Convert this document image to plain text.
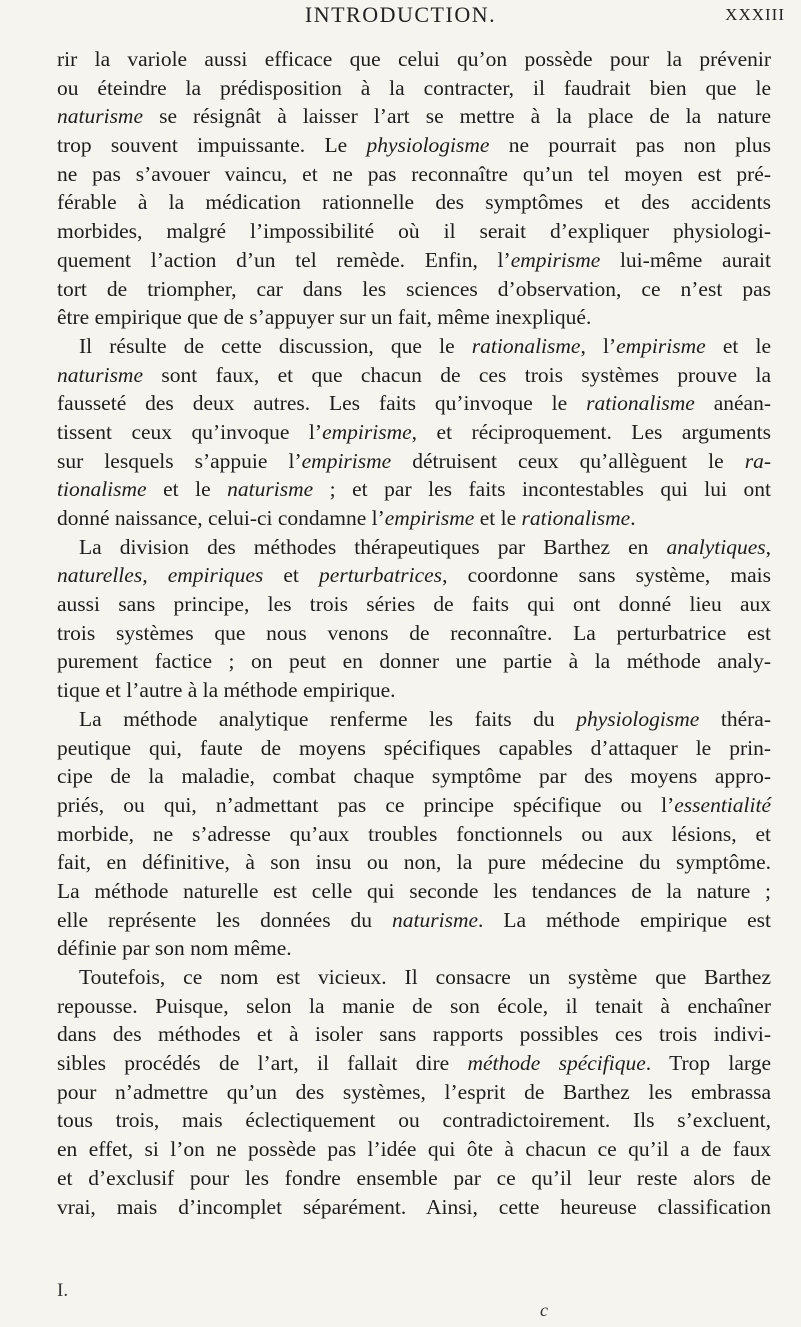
INTRODUCTION.	XXXIII
rir la variole aussi efficace que celui qu’on possède pour la prévenir
ou éteindre la prédisposition à la contracter, il faudrait bien que le
naturisme se résignât à laisser l’art se mettre à la place de la nature
trop souvent impuissante. Le physiologisme ne pourrait pas non plus
ne pas s’avouer vaincu, et ne pas reconnaître qu’un tel moyen est pré-
férable à la médication rationnelle des symptômes et des accidents
morbides, malgré l’impossibilité où il serait d’expliquer physiologi-
quement l’action d’un tel remède. Enfin, l’empirisme lui-même aurait
tort de triompher, car dans les sciences d’observation, ce n’est pas
être empirique que de s’appuyer sur un fait, même inexpliqué.
Il résulte de cette discussion, que le rationalisme, l’empirisme et le
naturisme sont faux, et que chacun de ces trois systèmes prouve la
fausseté des deux autres. Les faits qu’invoque le rationalisme anéan-
tissent ceux qu’invoque l’empirisme, et réciproquement. Les arguments
sur lesquels s’appuie l’empirisme détruisent ceux qu’allèguent le ra-
tionalisme et le naturisme ; et par les faits incontestables qui lui ont
donné naissance, celui-ci condamne l’empirisme et le rationalisme.
La division des méthodes thérapeutiques par Barthez en analytiques,
naturelles, empiriques et perturbatrices, coordonne sans système, mais
aussi sans principe, les trois séries de faits qui ont donné lieu aux
trois systèmes que nous venons de reconnaître. La perturbatrice est
purement factice ; on peut en donner une partie à la méthode analy-
tique et l’autre à la méthode empirique.
La méthode analytique renferme les faits du physiologisme théra-
peutique qui, faute de moyens spécifiques capables d’attaquer le prin-
cipe de la maladie, combat chaque symptôme par des moyens appro-
priés, ou qui, n’admettant pas ce principe spécifique ou l’essentialité
morbide, ne s’adresse qu’aux troubles fonctionnels ou aux lésions, et
fait, en définitive, à son insu ou non, la pure médecine du symptôme.
La méthode naturelle est celle qui seconde les tendances de la nature ;
elle représente les données du naturisme. La méthode empirique est
définie par son nom même.
Toutefois, ce nom est vicieux. Il consacre un système que Barthez
repousse. Puisque, selon la manie de son école, il tenait à enchaîner
dans des méthodes et à isoler sans rapports possibles ces trois indivi-
sibles procédés de l’art, il fallait dire méthode spécifique. Trop large
pour n’admettre qu’un des systèmes, l’esprit de Barthez les embrassa
tous trois, mais éclectiquement ou contradictoirement. Ils s’excluent,
en effet, si l’on ne possède pas l’idée qui ôte à chacun ce qu’il a de faux
et d’exclusif pour les fondre ensemble par ce qu’il leur reste alors de
vrai, mais d’incomplet séparément. Ainsi, cette heureuse classification
I.
c
